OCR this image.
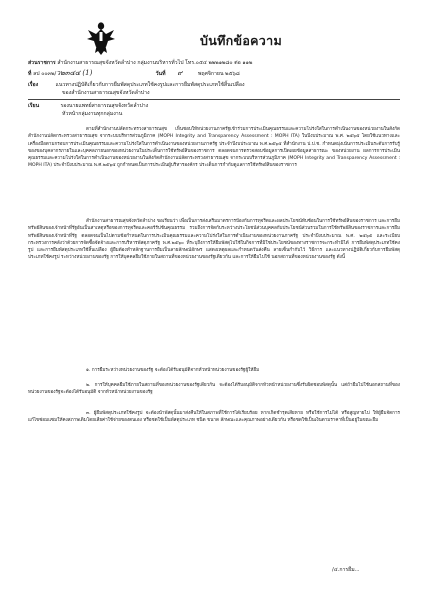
บันทึกข้อความ
ส่วนราชการ สำนักงานสาธารณสุขจังหวัดลำปาง กลุ่มงานบริหารทั่วไป โทร.๐๕๔ ๒๒๒๑๒๘๐ ต่อ ๑๑๒
ที่ ลป ๐๐๓๒/ว๒๓๔๔ (1)	วันที่ ๙	พฤศจิกายน ๒๕๖๘
เรื่อง	แนวทางปฏิบัติเกี่ยวกับการยืมพัสดุประเภทใช้คงรูปและการยืมพัสดุประเภทใช้สิ้นเปลือง
ของสำนักงานสาธารณสุขจังหวัดลำปาง
เรียน	รองนายแพทย์สาธารณสุขจังหวัดลำปาง
หัวหน้ากลุ่มงานทุกกลุ่มงาน
ตามที่สำนักงานปลัดกระทรวงสาธารณสุข เห็นชอบให้หน่วยงานภาครัฐเข้าร่วมการประเมินคุณธรรมและความโปร่งใสในการดำเนินงานของหน่วยงานในสังกัดสำนักงานปลัดกระทรวงสาธารณสุข จากระบบบริหารส่วนภูมิภาค (MOPH Integrity and Transparency Assessment : MOPH ITA) ในปีงบประมาณ พ.ศ. ๒๕๖๕ โดยใช้แนวทางและเครื่องมือตามกรอบการประเมินคุณธรรมและความโปร่งใสในการดำเนินงานของหน่วยงานภาครัฐ ประจำปีงบประมาณ พ.ศ.๒๕๖๕ ที่สำนักงาน ป.ป.ช. กำหนดมุ่งเน้นการประเมินระดับการรับรู้ของของบุคลากรภายในและบุคคลภายนอกของหน่วยงานในประเด็นการใช้ทรัพย์สินของราชการ ตลอดจนการตรวจสอบข้อมูลการเปิดเผยข้อมูลสาธารณะ ของหน่วยงาน ผลการการประเมินคุณธรรมและความโปร่งใสในการดำเนินงานของหน่วยงานในสังกัดสำนักงานปลัดกระทรวงสาธารณสุข จากระบบบริหารส่วนภูมิภาค (MOPH Integrity and Transparency Assessment : MOPH ITA) ประจำปีงบประมาณ พ.ศ.๒๕๖๕ ถูกกำหนดเป็นการประเมินผู้บริหารองค์กร ประเด็นการกำกับดูแลการใช้ทรัพย์สินของราชการ
สำนักงานสาธารณสุขจังหวัดลำปาง ขอเรียนว่า เพื่อเป็นการส่งเสริมมาตรการป้องกันการทุจริตและผลประโยชน์ทับซ้อนในการใช้ทรัพย์สินของราชการ และการยืมทรัพย์สินของเจ้าหน้าที่รัฐอันเป็นสาเหตุหรือของการทุจริตและคอร์รัปชันคุณธรรม รวมถึงการจัดกับระหว่างประโยชน์ส่วนบุคคลกับประโยชน์ส่วนรวมในการใช้ทรัพย์สินของราชการและการยืมทรัพย์สินของเจ้าหน้าที่รัฐ ตลอดจนเป็นไปตามข้อกำหนดในการประเมินคุณธรรมและความโปร่งใสในการดำเนินงานของหน่วยงานภาครัฐ ประจำปีงบประมาณ พ.ศ. ๒๕๖๕ และระเบียบกระทรวงการคลังว่าด้วยการจัดซื้อจัดจ้างและการบริหารพัสดุภาครัฐ พ.ศ.๒๕๖๐ ที่ระบุถึงการให้ยืมพัสดุไปใช้ในกิจการที่มิใช่ประโยชน์ของทางราชการจะกระทำมิได้ การยืมพัสดุประเภทใช้คงรูป และการยืมพัสดุประเภทใช้สิ้นเปลือง ผู้ยืมต้องทำหลักฐานการยืมเป็นลายลักษณ์อักษร แสดงเหตุผลและกำหนดวันส่งคืน ลายเซ็นกำกับไว้ วิธีการ และแนวทางปฏิบัติเกี่ยวกับการยืมพัสดุประเภทใช้คงรูป ระหว่างหน่วยงานของรัฐ การให้บุคคลยืมใช้ภายในสถานที่ของหน่วยงานของรัฐเดียวกัน และการให้ยืมไปใช้ นอกสถานที่ของหน่วยงานของรัฐ ดังนี้
๑. การยืมระหว่างหน่วยงานของรัฐ จะต้องได้รับอนุมัติจากหัวหน้าหน่วยงานของรัฐผู้ให้ยืม
๒. การให้บุคคลยืมใช้ภายในสถานที่ของหน่วยงานของรัฐเดียวกัน จะต้องได้รับอนุมัติจากหัวหน้าหน่วยงานซึ่งรับผิดชอบพัสดุนั้น แต่ถ้ายืมไปใช้นอกสถานที่ของหน่วยงานของรัฐจะต้องได้รับอนุมัติ จากหัวหน้าหน่วยงานของรัฐ
๓. ผู้ยืมพัสดุประเภทใช้คงรูป จะต้องนำพัสดุนั้นมาส่งคืนให้ในสภาพที่ใช้การได้เรียบร้อย หากเกิดชำรุดเสียหาย หรือใช้การไม่ได้ หรือสูญหายไป ให้ผู้ยืมจัดการแก้ไขซ่อมแซมให้คงสภาพเดิมโดยเสียค่าใช้จ่ายของตนเอง หรือชดใช้เป็นพัสดุประเภท ชนิด ขนาด ลักษณะและคุณภาพอย่างเดียวกัน หรือชดใช้เป็นเงินตามราคาที่เป็นอยู่ในขณะยืม
/๔.การยืม...
